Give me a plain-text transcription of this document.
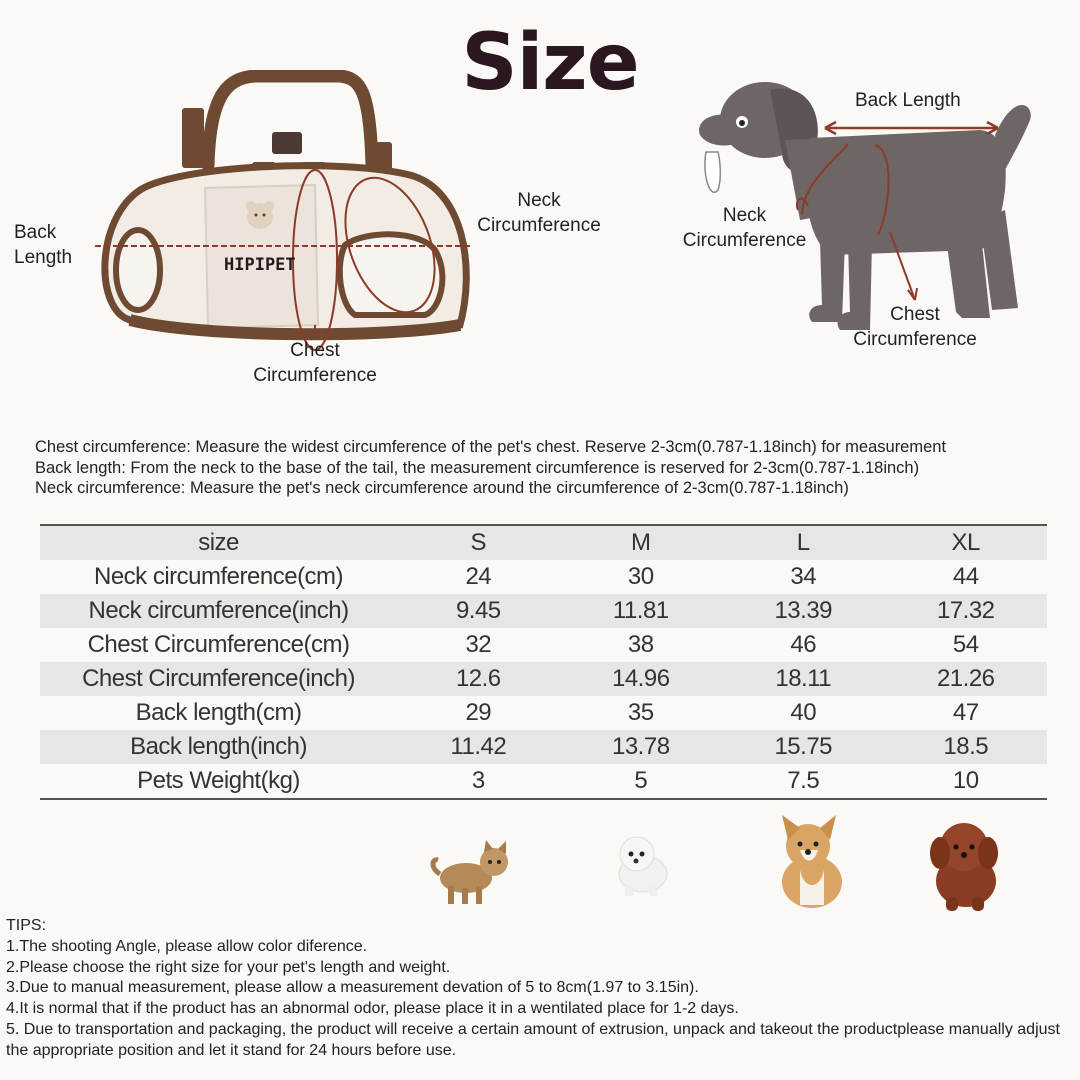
Size
HIPIPET
Back
Length
Neck
Circumference
Chest
Circumference
Back Length
Neck
Circumference
Chest
Circumference
Chest circumference: Measure the widest circumference of the pet's chest. Reserve 2-3cm(0.787-1.18inch) for measurement
Back length: From the neck to the base of the tail, the measurement circumference is reserved for 2-3cm(0.787-1.18inch)
Neck circumference: Measure the pet's neck circumference around the circumference of 2-3cm(0.787-1.18inch)
size	S	M	L	XL
Neck circumference(cm)	24	30	34	44
Neck circumference(inch)	9.45	11.81	13.39	17.32
Chest Circumference(cm)	32	38	46	54
Chest Circumference(inch)	12.6	14.96	18.11	21.26
Back length(cm)	29	35	40	47
Back length(inch)	11.42	13.78	15.75	18.5
Pets Weight(kg)	3	5	7.5	10
TIPS:
1.The shooting Angle, please allow color diference.
2.Please choose the right size for your pet's length and weight.
3.Due to manual measurement, please allow a measurement devation of 5 to 8cm(1.97 to 3.15in).
4.It is normal that if the product has an abnormal odor, please place it in a wentilated place for 1-2 days.
5. Due to transportation and packaging, the product will receive a certain amount of extrusion, unpack and takeout the productplease manually adjust the appropriate position and let it stand for 24 hours before use.
